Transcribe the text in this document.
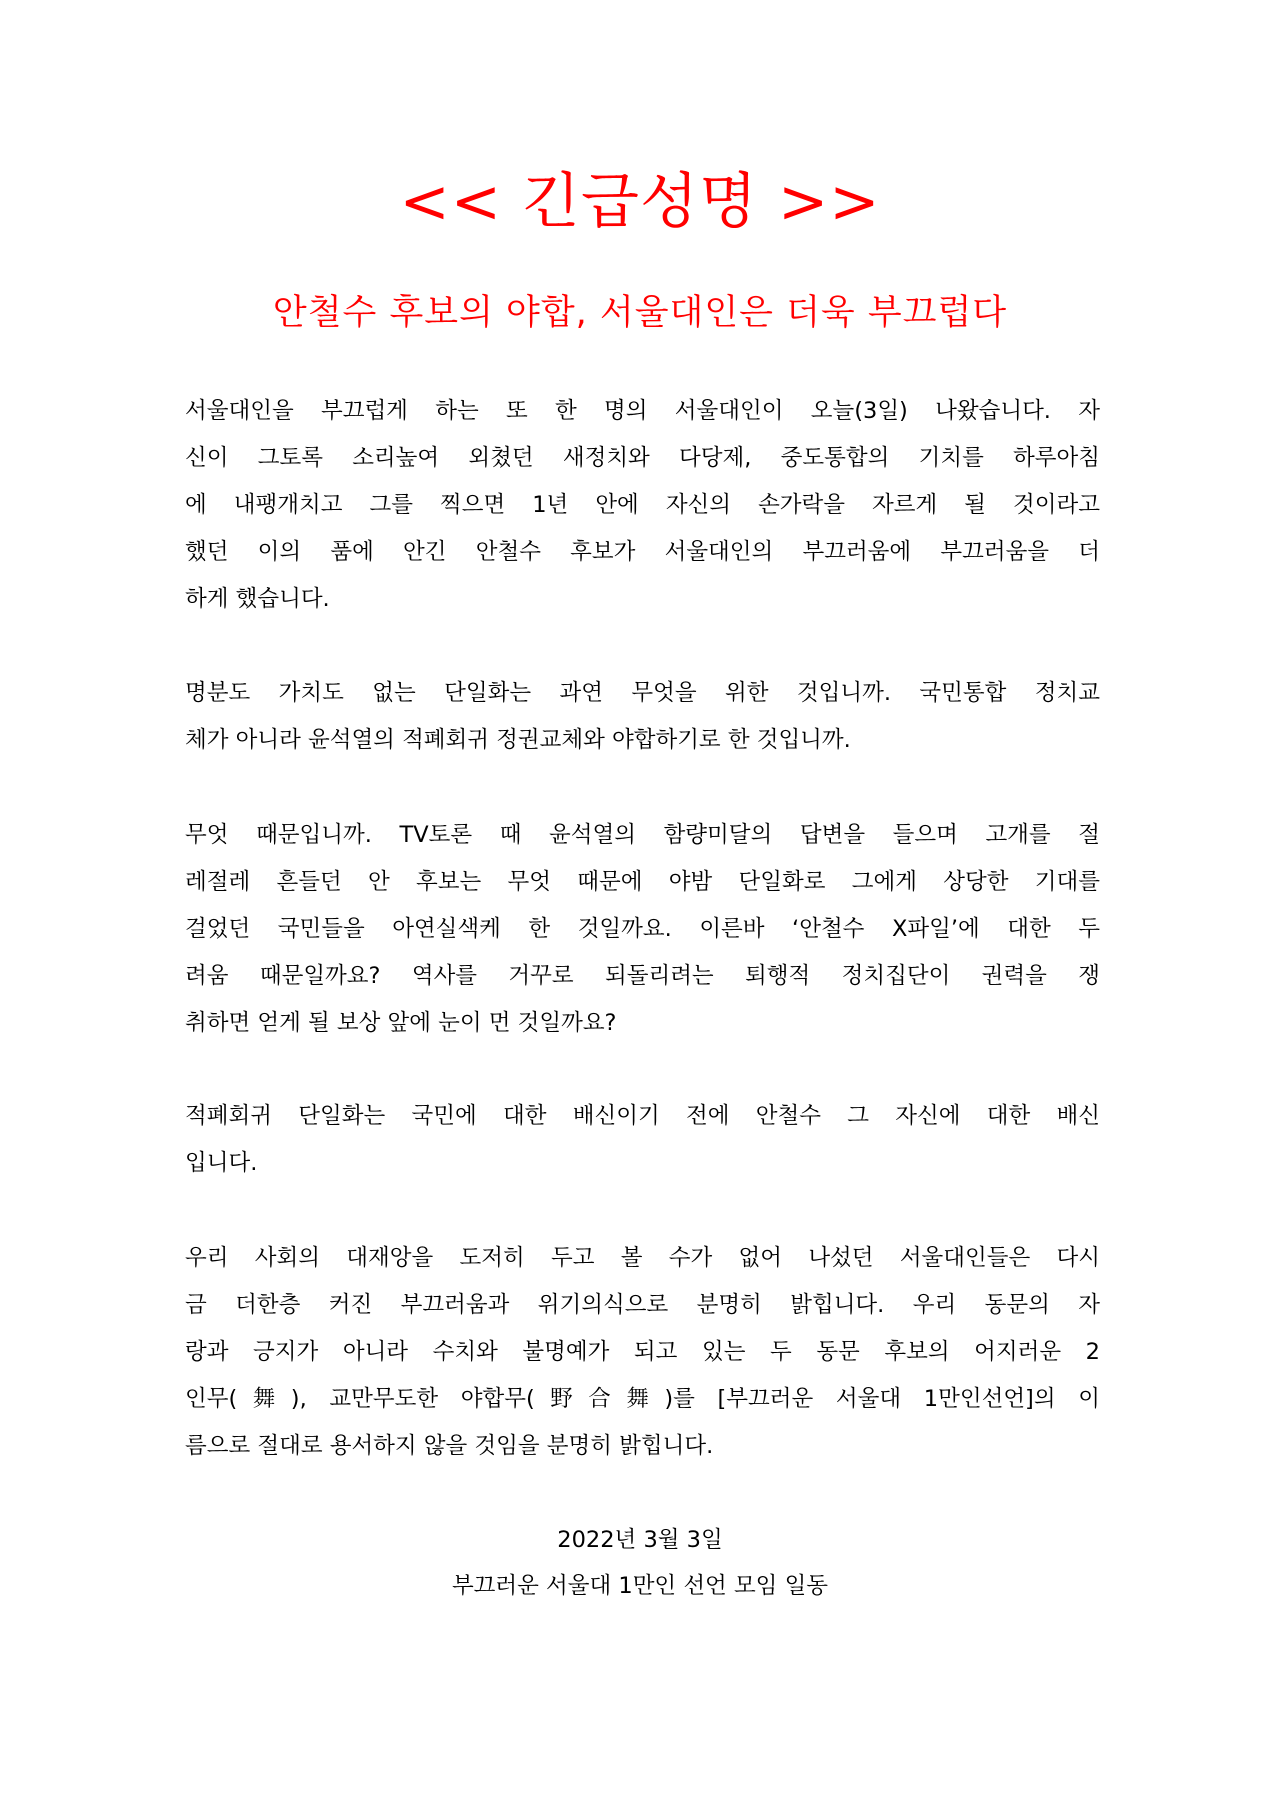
<< 긴급성명 >>
안철수 후보의 야합, 서울대인은 더욱 부끄럽다
서울대인을 부끄럽게 하는 또 한 명의 서울대인이 오늘(3일) 나왔습니다. 자
신이 그토록 소리높여 외쳤던 새정치와 다당제, 중도통합의 기치를 하루아침
에 내팽개치고 그를 찍으면 1년 안에 자신의 손가락을 자르게 될 것이라고
했던 이의 품에 안긴 안철수 후보가 서울대인의 부끄러움에 부끄러움을 더
하게 했습니다.
명분도 가치도 없는 단일화는 과연 무엇을 위한 것입니까. 국민통합 정치교
체가 아니라 윤석열의 적폐회귀 정권교체와 야합하기로 한 것입니까.
무엇 때문입니까. TV토론 때 윤석열의 함량미달의 답변을 들으며 고개를 절
레절레 흔들던 안 후보는 무엇 때문에 야밤 단일화로 그에게 상당한 기대를
걸었던 국민들을 아연실색케 한 것일까요. 이른바 ‘안철수 X파일’에 대한 두
려움 때문일까요? 역사를 거꾸로 되돌리려는 퇴행적 정치집단이 권력을 쟁
취하면 얻게 될 보상 앞에 눈이 먼 것일까요?
적폐회귀 단일화는 국민에 대한 배신이기 전에 안철수 그 자신에 대한 배신
입니다.
우리 사회의 대재앙을 도저히 두고 볼 수가 없어 나섰던 서울대인들은 다시
금 더한층 커진 부끄러움과 위기의식으로 분명히 밝힙니다. 우리 동문의 자
랑과 긍지가 아니라 수치와 불명예가 되고 있는 두 동문 후보의 어지러운 2
인무(舞), 교만무도한 야합무(野合舞)를 [부끄러운 서울대 1만인선언]의 이
름으로 절대로 용서하지 않을 것임을 분명히 밝힙니다.
2022년 3월 3일
부끄러운 서울대 1만인 선언 모임 일동
